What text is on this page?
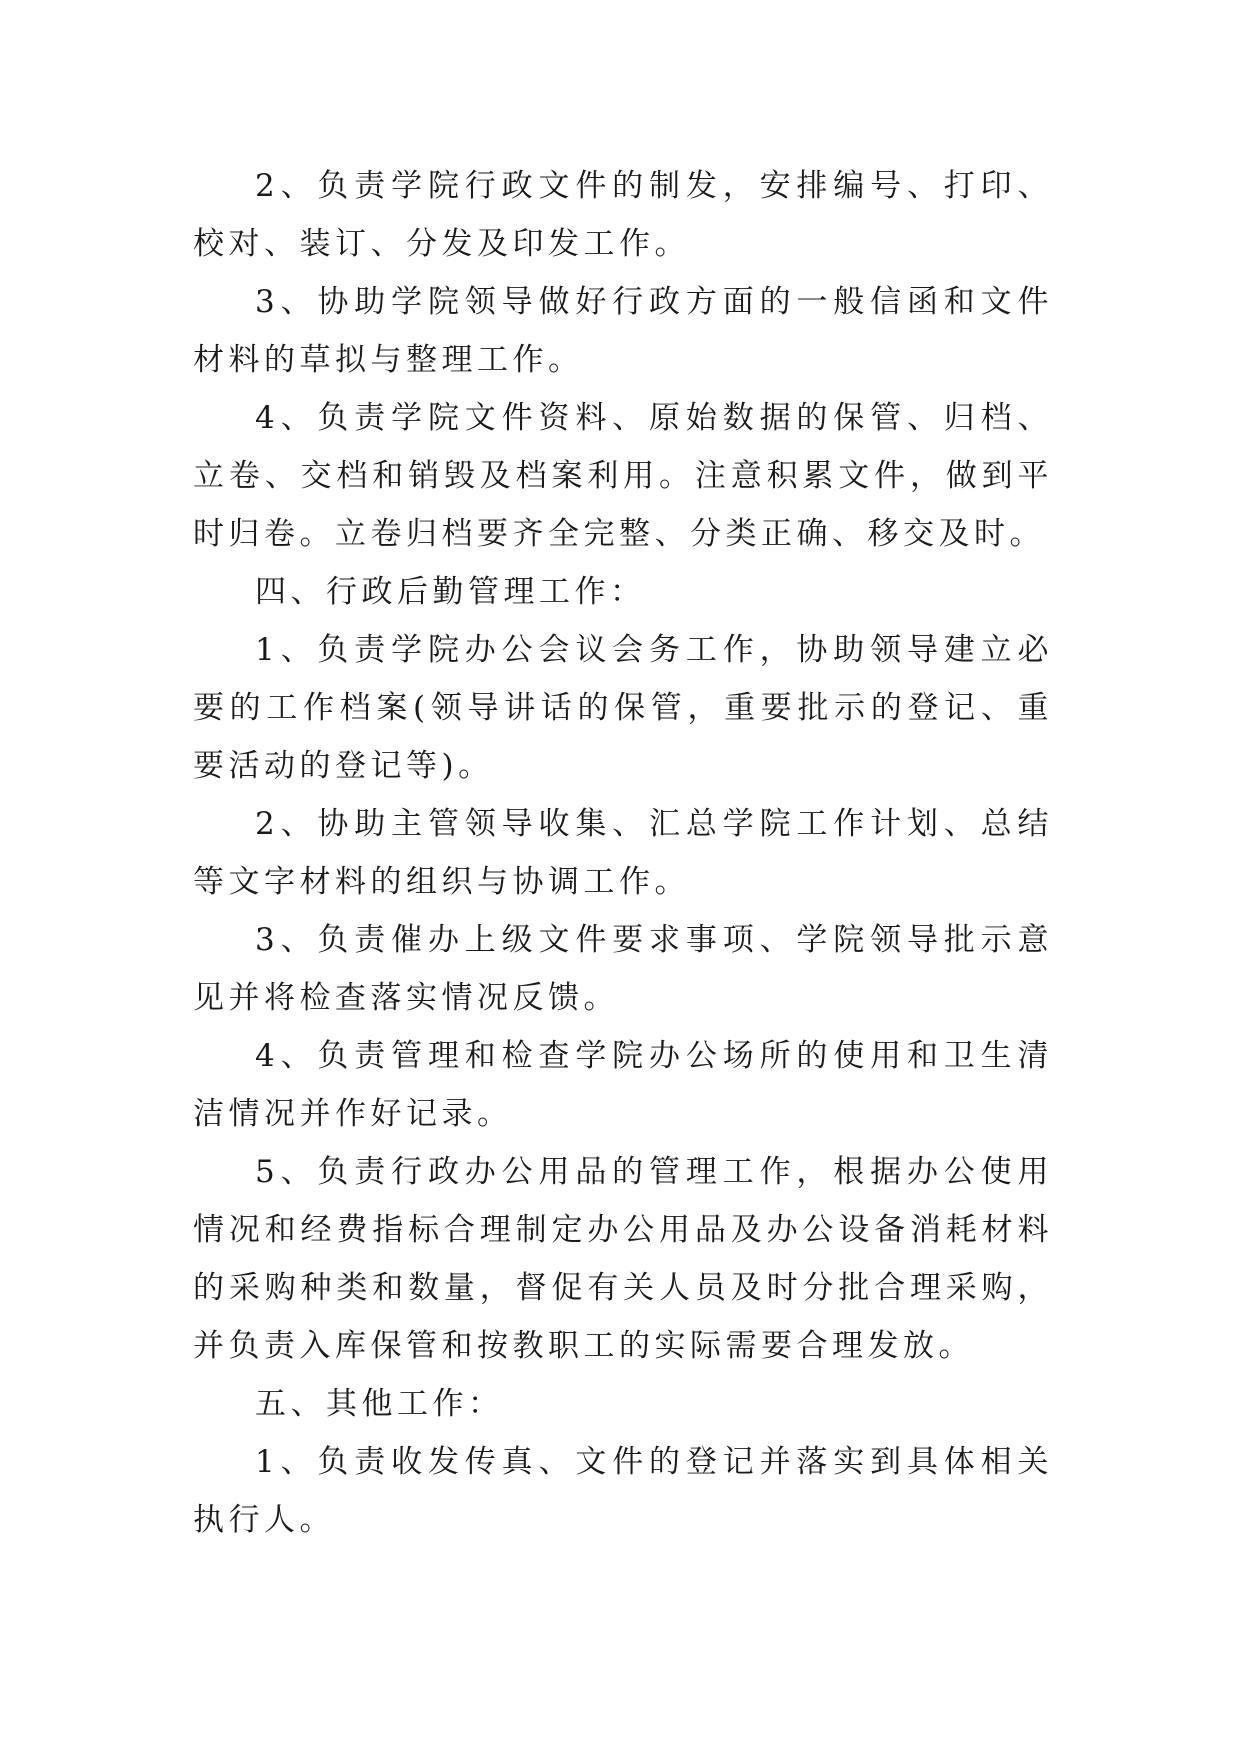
2、负责学院行政文件的制发，安排编号、打印、校对、装订、分发及印发工作。

3、协助学院领导做好行政方面的一般信函和文件材料的草拟与整理工作。

4、负责学院文件资料、原始数据的保管、归档、立卷、交档和销毁及档案利用。注意积累文件，做到平时归卷。立卷归档要齐全完整、分类正确、移交及时。

四、行政后勤管理工作：

1、负责学院办公会议会务工作，协助领导建立必要的工作档案(领导讲话的保管，重要批示的登记、重要活动的登记等)。

2、协助主管领导收集、汇总学院工作计划、总结等文字材料的组织与协调工作。

3、负责催办上级文件要求事项、学院领导批示意见并将检查落实情况反馈。

4、负责管理和检查学院办公场所的使用和卫生清洁情况并作好记录。

5、负责行政办公用品的管理工作，根据办公使用情况和经费指标合理制定办公用品及办公设备消耗材料的采购种类和数量，督促有关人员及时分批合理采购，并负责入库保管和按教职工的实际需要合理发放。

五、其他工作：

1、负责收发传真、文件的登记并落实到具体相关执行人。
